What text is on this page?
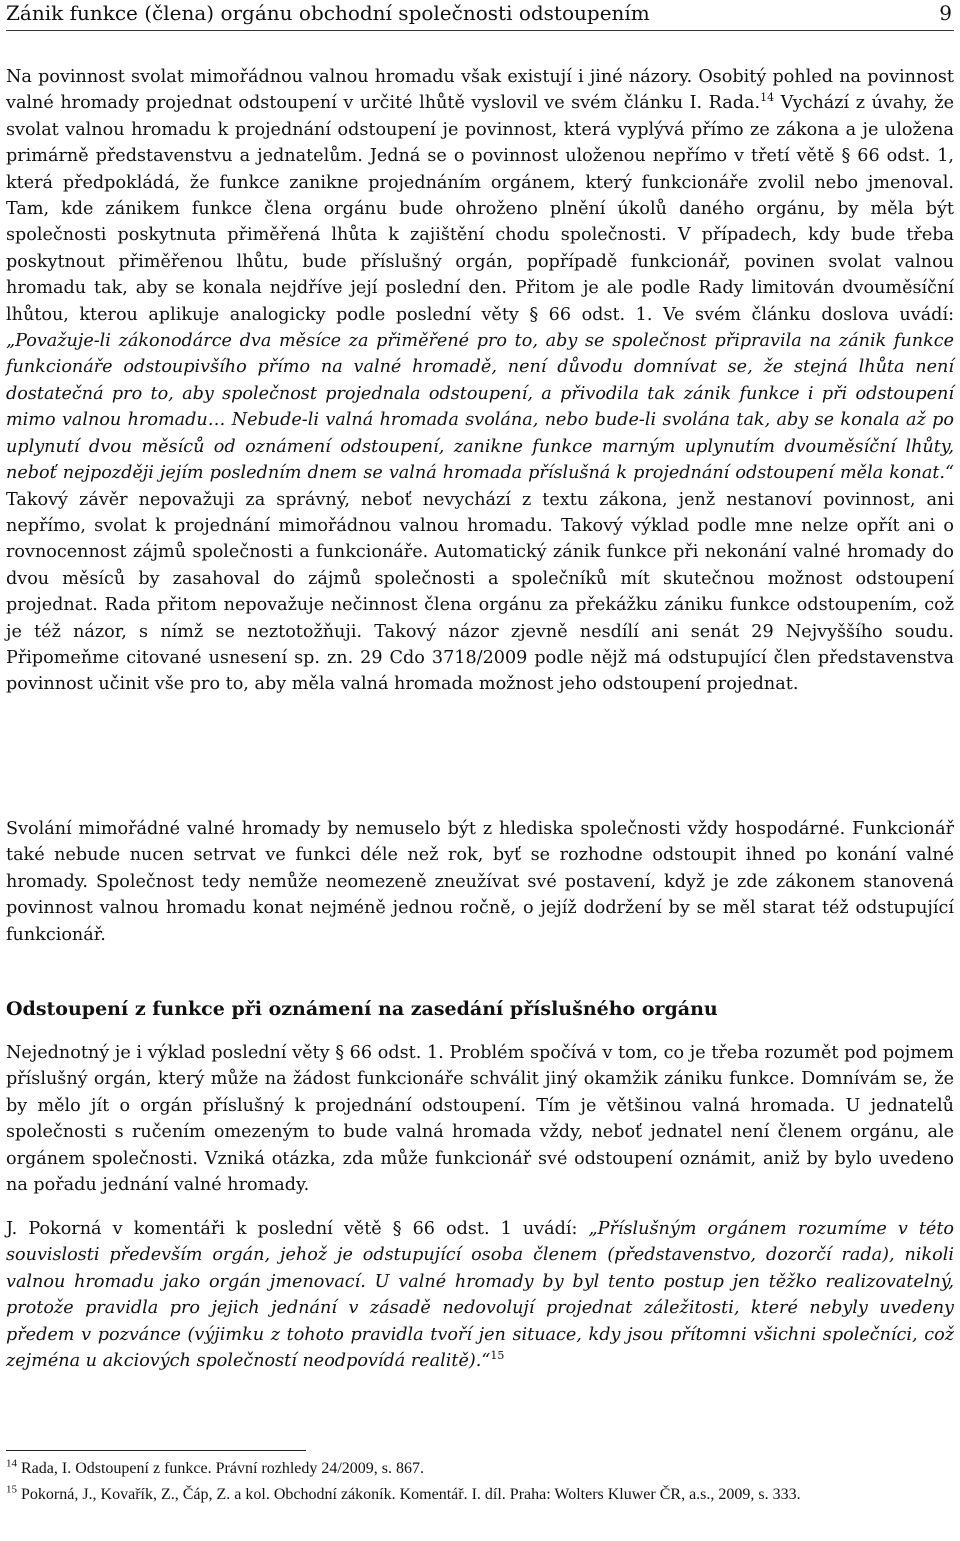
Zánik funkce (člena) orgánu obchodní společnosti odstoupením	9

Na povinnost svolat mimořádnou valnou hromadu však existují i jiné názory. Osobitý pohled na povinnost valné hromady projednat odstoupení v určité lhůtě vyslovil ve svém článku I. Rada.$^{14}$ Vychází z úvahy, že svolat valnou hromadu k projednání odstoupení je povinnost, která vyplývá přímo ze zákona a je uložena primárně představenstvu a jednatelům. Jedná se o povinnost uloženou nepřímo v třetí větě § 66 odst. 1, která předpokládá, že funkce zanikne projednáním orgánem, který funkcionáře zvolil nebo jmenoval. Tam, kde zánikem funkce člena orgánu bude ohroženo plnění úkolů daného orgánu, by měla být společnosti poskytnuta přiměřená lhůta k zajištění chodu společnosti. V případech, kdy bude třeba poskytnout přiměřenou lhůtu, bude příslušný orgán, popřípadě funkcionář, povinen svolat valnou hromadu tak, aby se konala nejdříve její poslední den. Přitom je ale podle Rady limitován dvouměsíční lhůtou, kterou aplikuje analogicky podle poslední věty § 66 odst. 1. Ve svém článku doslova uvádí: „Považuje-li zákonodárce dva měsíce za přiměřené pro to, aby se společnost připravila na zánik funkce funkcionáře odstoupivšího přímo na valné hromadě, není důvodu domnívat se, že stejná lhůta není dostatečná pro to, aby společnost projednala odstoupení, a přivodila tak zánik funkce i při odstoupení mimo valnou hromadu… Nebude-li valná hromada svolána, nebo bude-li svolána tak, aby se konala až po uplynutí dvou měsíců od oznámení odstoupení, zanikne funkce marným uplynutím dvouměsíční lhůty, neboť nejpozději jejím posledním dnem se valná hromada příslušná k projednání odstoupení měla konat.“ Takový závěr nepovažuji za správný, neboť nevychází z textu zákona, jenž nestanoví povinnost, ani nepřímo, svolat k projednání mimořádnou valnou hromadu. Takový výklad podle mne nelze opřít ani o rovnocennost zájmů společnosti a funkcionáře. Automatický zánik funkce při nekonání valné hromady do dvou měsíců by zasahoval do zájmů společnosti a společníků mít skutečnou možnost odstoupení projednat. Rada přitom nepovažuje nečinnost člena orgánu za překážku zániku funkce odstoupením, což je též názor, s nímž se neztotožňuji. Takový názor zjevně nesdílí ani senát 29 Nejvyššího soudu. Připomeňme citované usnesení sp. zn. 29 Cdo 3718/2009 podle nějž má odstupující člen představenstva povinnost učinit vše pro to, aby měla valná hromada možnost jeho odstoupení projednat.

Svolání mimořádné valné hromady by nemuselo být z hlediska společnosti vždy hospodárné. Funkcionář také nebude nucen setrvat ve funkci déle než rok, byť se rozhodne odstoupit ihned po konání valné hromady. Společnost tedy nemůže neomezeně zneužívat své postavení, když je zde zákonem stanovená povinnost valnou hromadu konat nejméně jednou ročně, o jejíž dodržení by se měl starat též odstupující funkcionář.

Odstoupení z funkce při oznámení na zasedání příslušného orgánu

Nejednotný je i výklad poslední věty § 66 odst. 1. Problém spočívá v tom, co je třeba rozumět pod pojmem příslušný orgán, který může na žádost funkcionáře schválit jiný okamžik zániku funkce. Domnívám se, že by mělo jít o orgán příslušný k projednání odstoupení. Tím je většinou valná hromada. U jednatelů společnosti s ručením omezeným to bude valná hromada vždy, neboť jednatel není členem orgánu, ale orgánem společnosti. Vzniká otázka, zda může funkcionář své odstoupení oznámit, aniž by bylo uvedeno na pořadu jednání valné hromady.

J. Pokorná v komentáři k poslední větě § 66 odst. 1 uvádí: „Příslušným orgánem rozumíme v této souvislosti především orgán, jehož je odstupující osoba členem (představenstvo, dozorčí rada), nikoli valnou hromadu jako orgán jmenovací. U valné hromady by byl tento postup jen těžko realizovatelný, protože pravidla pro jejich jednání v zásadě nedovolují projednat záležitosti, které nebyly uvedeny předem v pozvánce (výjimku z tohoto pravidla tvoří jen situace, kdy jsou přítomni všichni společníci, což zejména u akciových společností neodpovídá realitě).“$^{15}$

$^{14}$ Rada, I. Odstoupení z funkce. Právní rozhledy 24/2009, s. 867.

$^{15}$ Pokorná, J., Kovařík, Z., Čáp, Z. a kol. Obchodní zákoník. Komentář. I. díl. Praha: Wolters Kluwer ČR, a.s., 2009, s. 333.
